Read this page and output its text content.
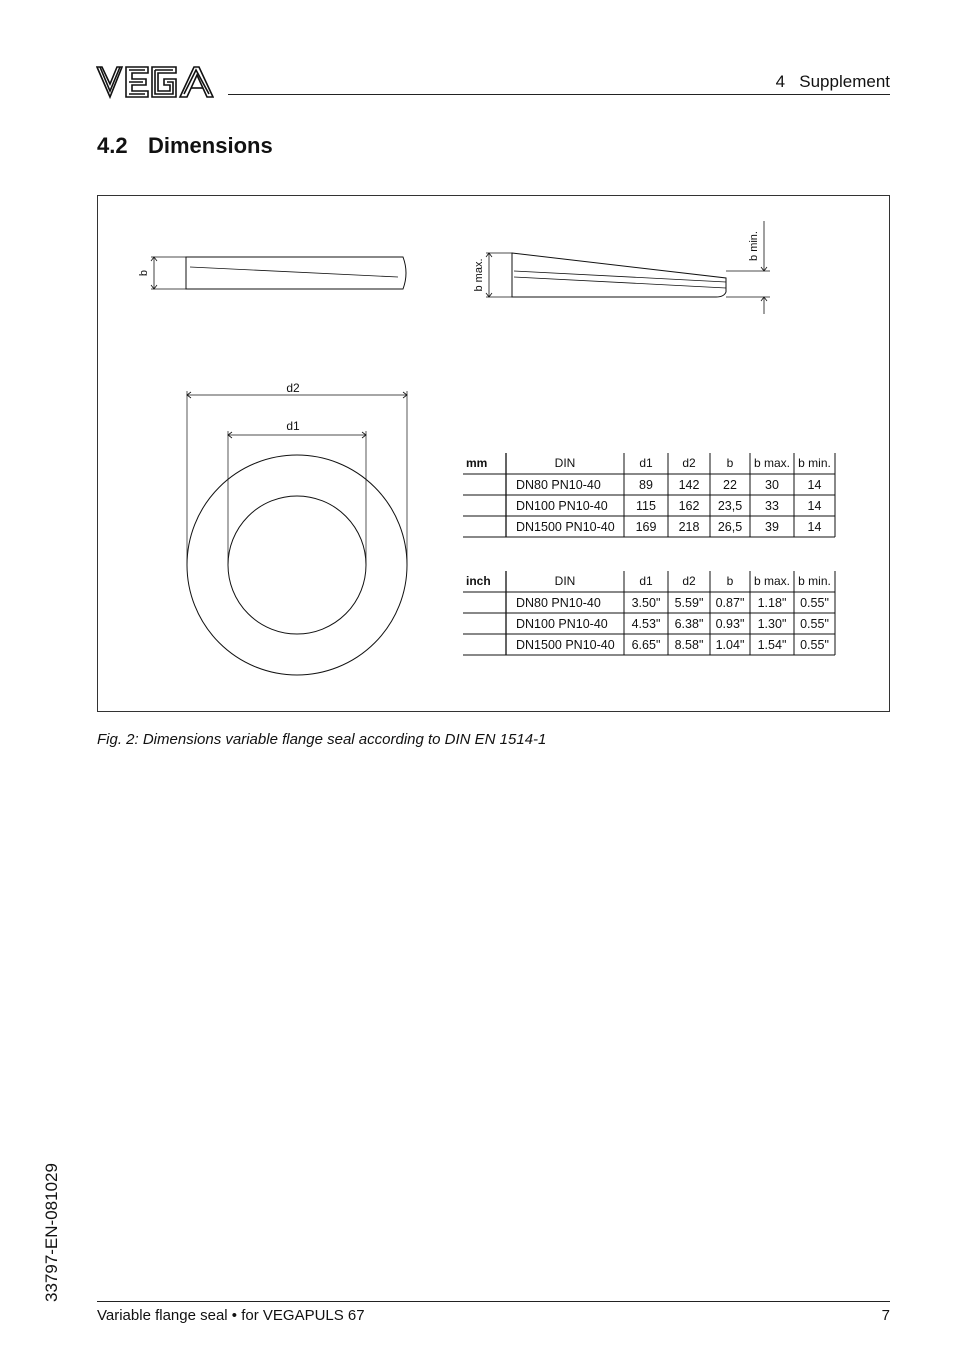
4   Supplement
4.2 Dimensions
b	b max.
b min.
d2
d1
mm	DIN	d1 d2	b b max. b min.
DN80 PN10-40	89 142 22 30 14
DN100 PN10-40 115 162 23,5 33 14
DN1500 PN10-40 169 218 26,5 39 14
inch	DIN	d1 d2	b b max. b min.
DN80 PN10-40 3.50" 5.59" 0.87" 1.18" 0.55"
DN100 PN10-40 4.53" 6.38" 0.93" 1.30" 0.55"
DN1500 PN10-40 6.65" 8.58" 1.04" 1.54" 0.55"
Fig. 2: Dimensions variable flange seal according to DIN EN 1514-1
Variable flange seal • for VEGAPULS 67	7
33797-EN-081029
